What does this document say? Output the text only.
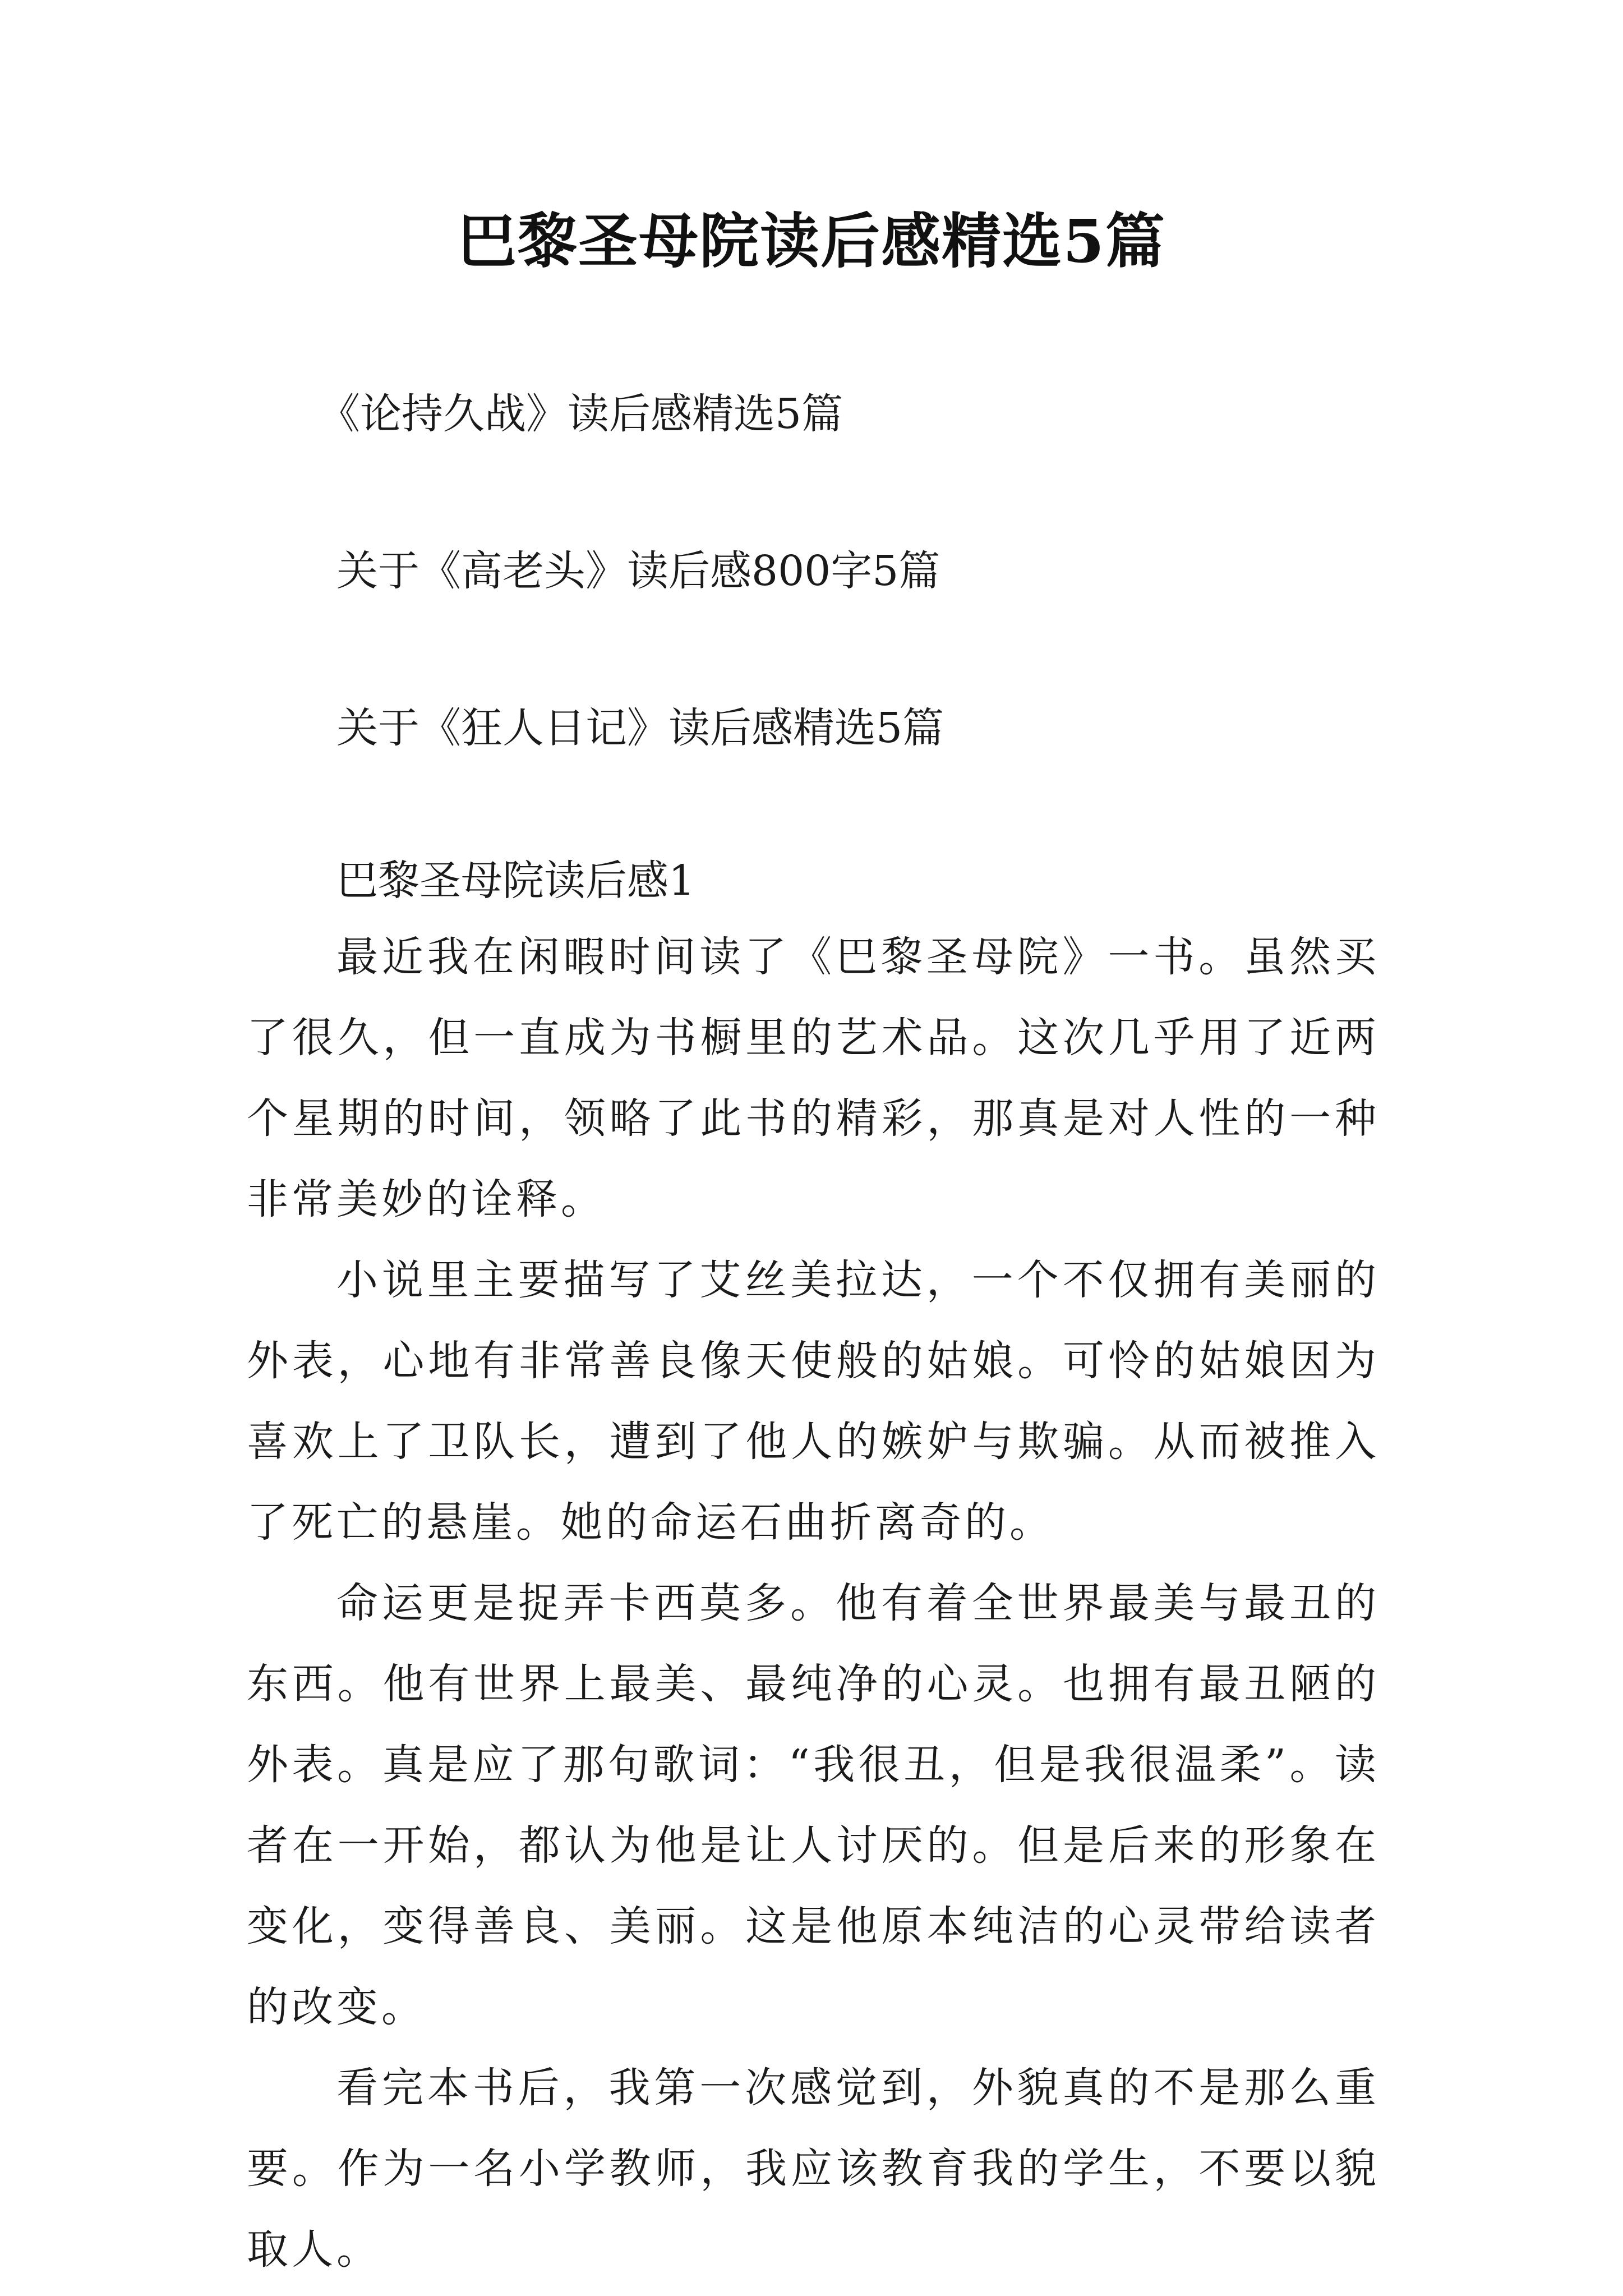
巴黎圣母院读后感精选5篇
《论持久战》读后感精选5篇
关于《高老头》读后感800字5篇
关于《狂人日记》读后感精选5篇
巴黎圣母院读后感1

最近我在闲暇时间读了《巴黎圣母院》一书。虽然买了很久，但一直成为书橱里的艺术品。这次几乎用了近两个星期的时间，领略了此书的精彩，那真是对人性的一种非常美妙的诠释。

小说里主要描写了艾丝美拉达，一个不仅拥有美丽的外表，心地有非常善良像天使般的姑娘。可怜的姑娘因为喜欢上了卫队长，遭到了他人的嫉妒与欺骗。从而被推入了死亡的悬崖。她的命运石曲折离奇的。

命运更是捉弄卡西莫多。他有着全世界最美与最丑的东西。他有世界上最美、最纯净的心灵。也拥有最丑陋的外表。真是应了那句歌词：“我很丑，但是我很温柔”。读者在一开始，都认为他是让人讨厌的。但是后来的形象在变化，变得善良、美丽。这是他原本纯洁的心灵带给读者的改变。

看完本书后，我第一次感觉到，外貌真的不是那么重要。作为一名小学教师，我应该教育我的学生，不要以貌取人。
